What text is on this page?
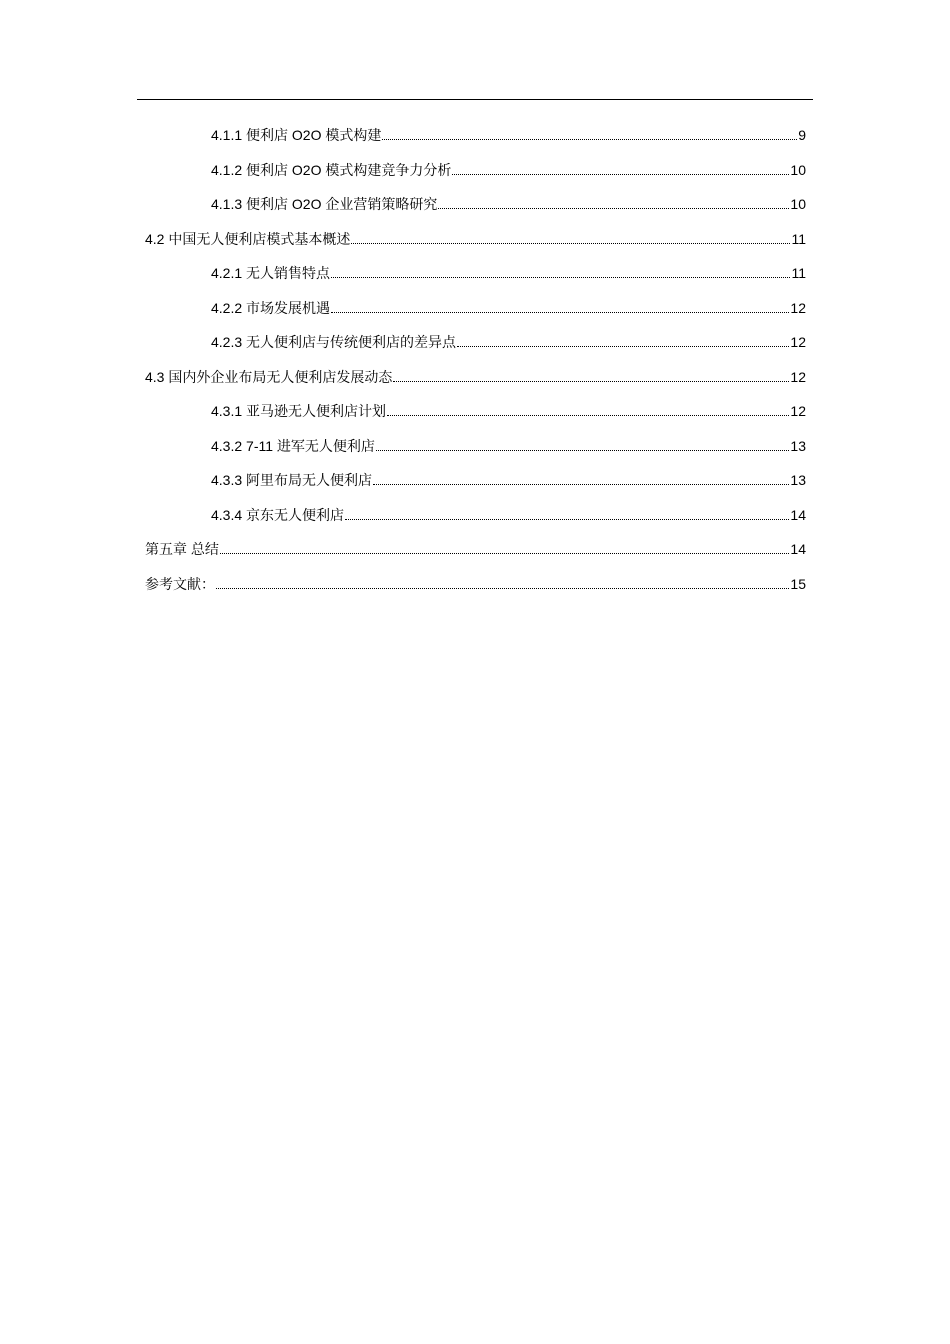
4.1.1 便利店 O2O 模式构建	9
4.1.2 便利店 O2O 模式构建竞争力分析	10
4.1.3 便利店 O2O 企业营销策略研究	10
4.2 中国无人便利店模式基本概述	11
4.2.1 无人销售特点	11
4.2.2 市场发展机遇	12
4.2.3 无人便利店与传统便利店的差异点	12
4.3 国内外企业布局无人便利店发展动态	12
4.3.1 亚马逊无人便利店计划	12
4.3.2 7-11 进军无人便利店	13
4.3.3 阿里布局无人便利店	13
4.3.4 京东无人便利店	14
第五章 总结	14
参考文献：	15
